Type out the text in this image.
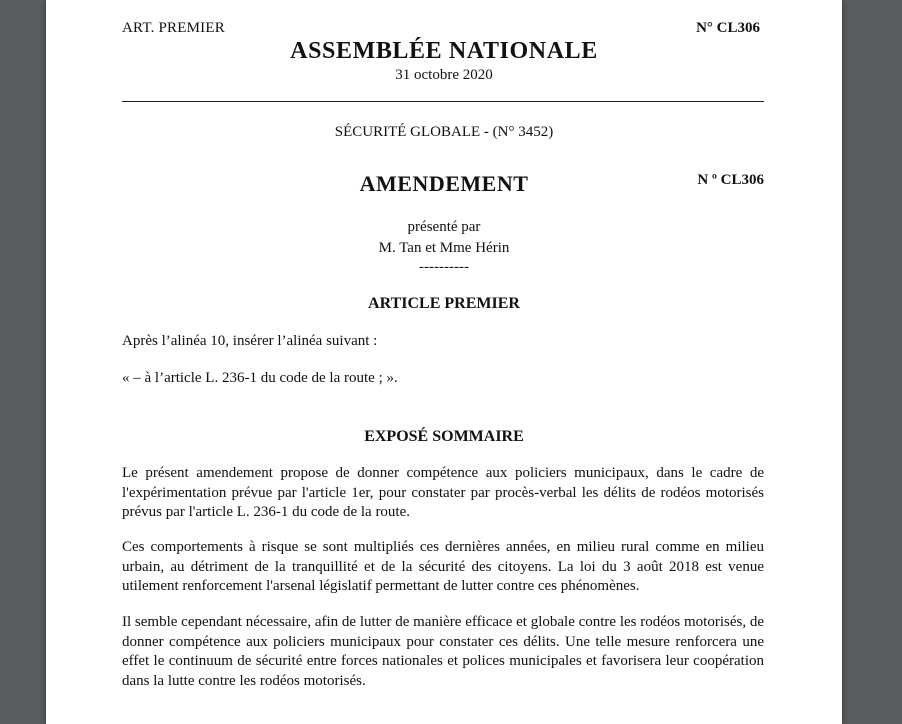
ART. PREMIER	N° CL306
ASSEMBLÉE NATIONALE
31 octobre 2020
SÉCURITÉ GLOBALE - (N° 3452)
AMENDEMENT	N º CL306
présenté par
M. Tan et Mme Hérin
----------
ARTICLE PREMIER
Après l’alinéa 10, insérer l’alinéa suivant :
« – à l’article L. 236-1 du code de la route ; ».
EXPOSÉ SOMMAIRE
Le présent amendement propose de donner compétence aux policiers municipaux, dans le cadre de l'expérimentation prévue par l'article 1er, pour constater par procès-verbal les délits de rodéos motorisés prévus par l'article L. 236-1 du code de la route.
Ces comportements à risque se sont multipliés ces dernières années, en milieu rural comme en milieu urbain, au détriment de la tranquillité et de la sécurité des citoyens. La loi du 3 août 2018 est venue utilement renforcement l'arsenal législatif permettant de lutter contre ces phénomènes.
Il semble cependant nécessaire, afin de lutter de manière efficace et globale contre les rodéos motorisés, de donner compétence aux policiers municipaux pour constater ces délits. Une telle mesure renforcera une effet le continuum de sécurité entre forces nationales et polices municipales et favorisera leur coopération dans la lutte contre les rodéos motorisés.
